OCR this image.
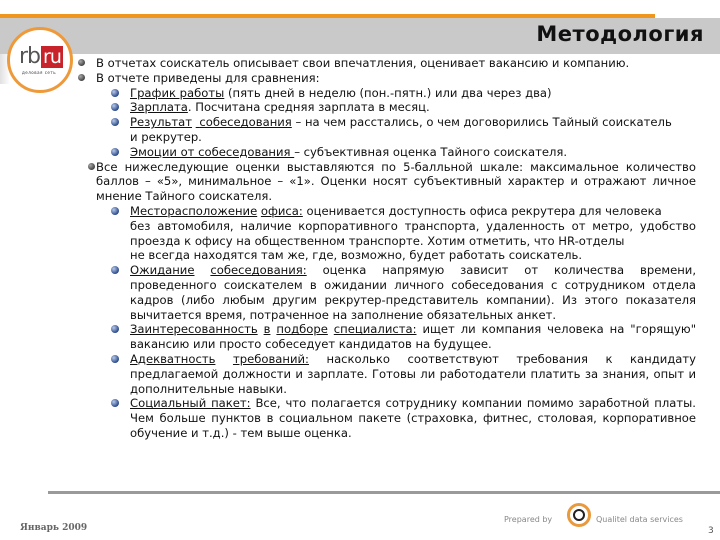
Методология
rb ru
деловая сеть
В отчетах соискатель описывает свои впечатления, оценивает вакансию и компанию.
В отчете приведены для сравнения:
График работы (пять дней в неделю (пон.-пятн.) или два через два)
Зарплата. Посчитана средняя зарплата в месяц.
Результат собеседования – на чем расстались, о чем договорились Тайный соискатель
и рекрутер.
Эмоции от собеседования – субъективная оценка Тайного соискателя.
Все нижеследующие оценки выставляются по 5-балльной шкале: максимальное количество баллов – «5», минимальное – «1». Оценки носят субъективный характер и отражают личное мнение Тайного соискателя.
Месторасположение офиса: оценивается доступность офиса рекрутера для человека
без автомобиля, наличие корпоративного транспорта, удаленность от метро, удобство проезда к офису на общественном транспорте. Хотим отметить, что HR-отделы
не всегда находятся там же, где, возможно, будет работать соискатель.
Ожидание собеседования: оценка напрямую зависит от количества времени, проведенного соискателем в ожидании личного собеседования с сотрудником отдела кадров (либо любым другим рекрутер-представитель компании). Из этого показателя вычитается время, потраченное на заполнение обязательных анкет.
Заинтересованность в подборе специалиста: ищет ли компания человека на "горящую" вакансию или просто собеседует кандидатов на будущее.
Адекватность требований: насколько соответствуют требования к кандидату предлагаемой должности и зарплате. Готовы ли работодатели платить за знания, опыт и дополнительные навыки.
Социальный пакет: Все, что полагается сотруднику компании помимо заработной платы. Чем больше пунктов в социальном пакете (страховка, фитнес, столовая, корпоративное обучение и т.д.) - тем выше оценка.
Январь 2009
Prepared by	Qualitel data services
3
